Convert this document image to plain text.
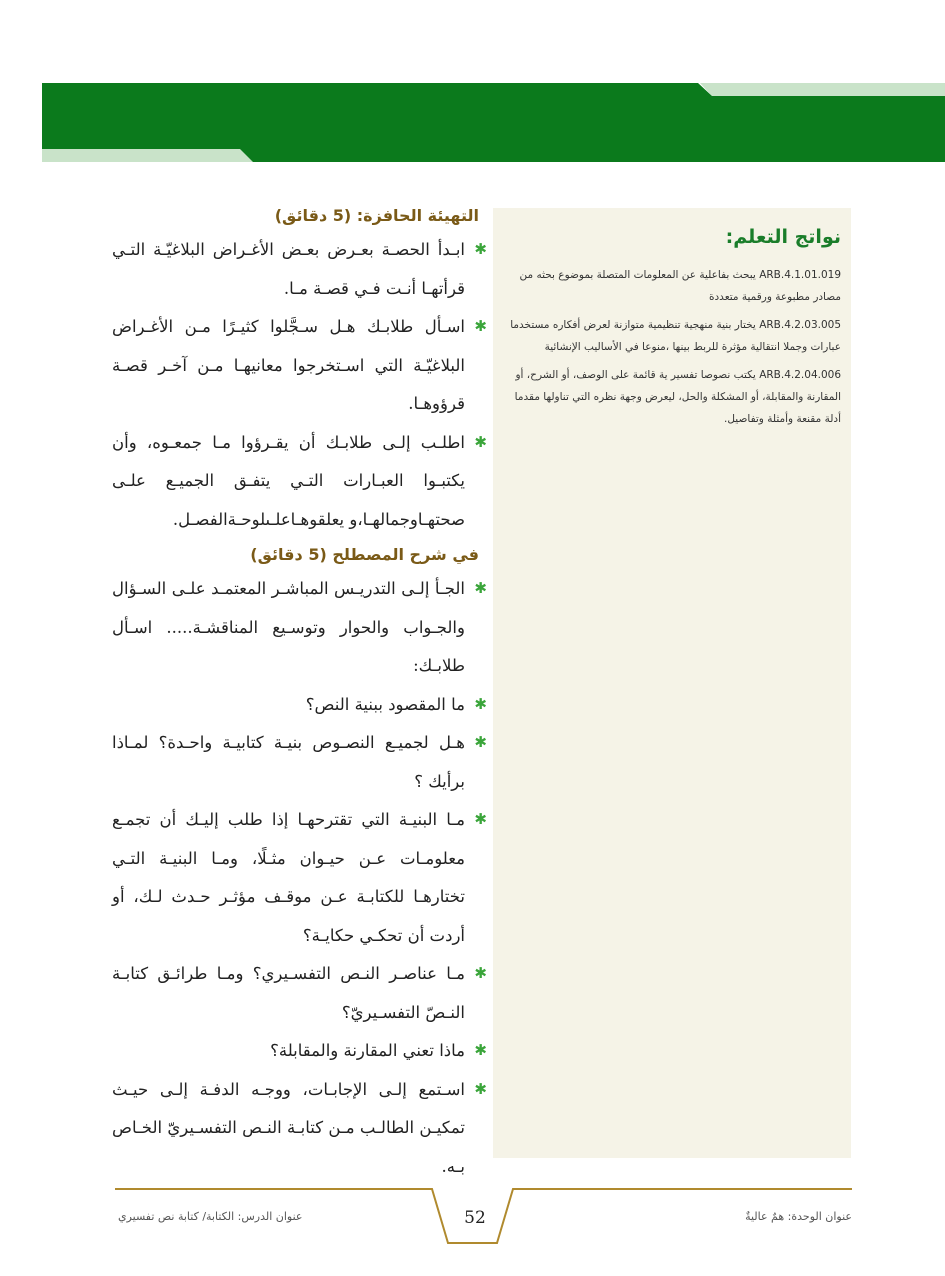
نواتج التعلم:
ARB.4.1.01.019 يبحث بفاعلية عن المعلومات المتصلة بموضوع بحثه من مصادر مطبوعة ورقمية متعددة
ARB.4.2.03.005 يختار بنية منهجية تنظيمية متوازنة لعرض أفكاره مستخدما عبارات وجملا انتقالية مؤثرة للربط بينها ،منوعا في الأساليب الإنشائية
ARB.4.2.04.006 يكتب نصوصا تفسير ية قائمة على الوصف، أو الشرح، أو المقارنة والمقابلة، أو المشكلة والحل، ليعرض وجهة نظره التي تناولها مقدما أدلة مقنعة وأمثلة وتفاصيل.
التهيئة الحافزة: (5 دقائق)
✱
ابـدأ الحصـة بعـرض بعـض الأغـراض البلاغيّـة التـي قرأتهـا أنـت فـي قصـة مـا.
✱
اسـأل طلابـك هـل سـجَّلوا كثيـرًا مـن الأغـراض البلاغيّـة التي اسـتخرجوا معانيهـا مـن آخـر قصـة قرؤوهـا.
✱
اطلـب إلـى طلابـك أن يقـرؤوا مـا جمعـوه، وأن يكتبـوا العبـارات التـي يتفـق الجميـع علـى صحتهـاوجمالهـا،و يعلقوهـاعلـىلوحـةالفصـل.
في شرح المصطلح (5 دقائق)
✱
الجـأ إلـى التدريـس المباشـر المعتمـد علـى السـؤال والجـواب والحوار وتوسـيع المناقشـة..... اسـأل طلابـك:
✱
ما المقصود ببنية النص؟
✱
هـل لجميـع النصـوص بنيـة كتابيـة واحـدة؟ لمـاذا برأيك ؟
✱
مـا البنيـة التي تقترحهـا إذا طلب إليـك أن تجمـع معلومـات عـن حيـوان مثـلًا، ومـا البنيـة التـي تختارهـا للكتابـة عـن موقـف مؤثـر حـدث لـك، أو أردت أن تحكـي حكايـة؟
✱
مـا عناصـر النـص التفسـيري؟ ومـا طرائـق كتابـة النـصّ التفسـيريّ؟
✱
ماذا تعني المقارنة والمقابلة؟
✱
اسـتمع إلـى الإجابـات، ووجـه الدفـة إلـى حيـث تمكيـن الطالـب مـن كتابـة النـص التفسـيريّ الخـاص بـه.
عنوان الوحدة: همٌ عاليةٌ
52
عنوان الدرس: الكتابة/ كتابة نص تفسيري
